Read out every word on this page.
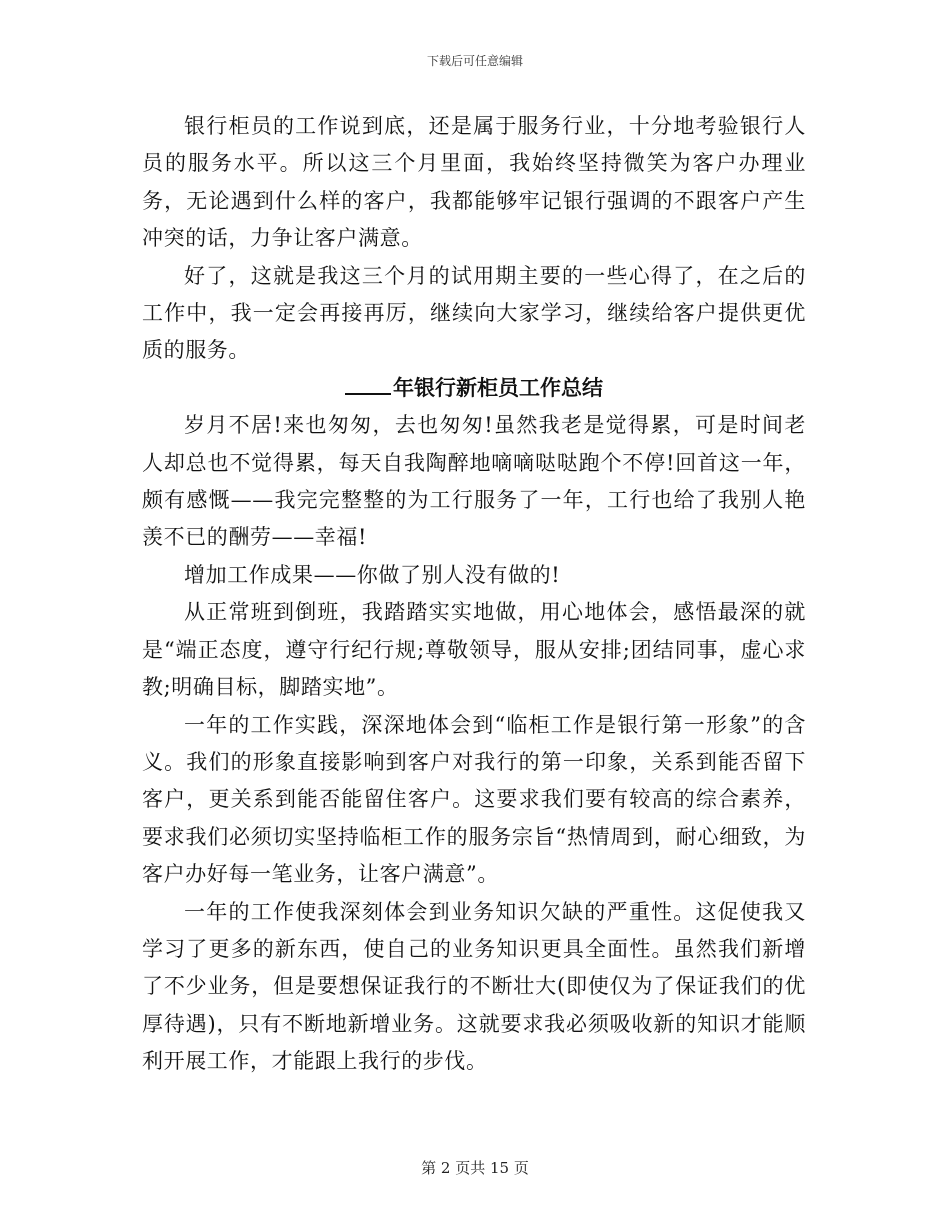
下载后可任意编辑

银行柜员的工作说到底，还是属于服务行业，十分地考验银行人员的服务水平。所以这三个月里面，我始终坚持微笑为客户办理业务，无论遇到什么样的客户，我都能够牢记银行强调的不跟客户产生冲突的话，力争让客户满意。

好了，这就是我这三个月的试用期主要的一些心得了，在之后的工作中，我一定会再接再厉，继续向大家学习，继续给客户提供更优质的服务。

年银行新柜员工作总结

岁月不居!来也匆匆，去也匆匆!虽然我老是觉得累，可是时间老人却总也不觉得累，每天自我陶醉地嘀嘀哒哒跑个不停!回首这一年，颇有感慨——我完完整整的为工行服务了一年，工行也给了我别人艳羡不已的酬劳——幸福!

增加工作成果——你做了别人没有做的!

从正常班到倒班，我踏踏实实地做，用心地体会，感悟最深的就是“端正态度，遵守行纪行规;尊敬领导，服从安排;团结同事，虚心求教;明确目标，脚踏实地”。

一年的工作实践，深深地体会到“临柜工作是银行第一形象”的含义。我们的形象直接影响到客户对我行的第一印象，关系到能否留下客户，更关系到能否能留住客户。这要求我们要有较高的综合素养，要求我们必须切实坚持临柜工作的服务宗旨“热情周到，耐心细致，为客户办好每一笔业务，让客户满意”。

一年的工作使我深刻体会到业务知识欠缺的严重性。这促使我又学习了更多的新东西，使自己的业务知识更具全面性。虽然我们新增了不少业务，但是要想保证我行的不断壮大(即使仅为了保证我们的优厚待遇)，只有不断地新增业务。这就要求我必须吸收新的知识才能顺利开展工作，才能跟上我行的步伐。

第 2 页共 15 页
